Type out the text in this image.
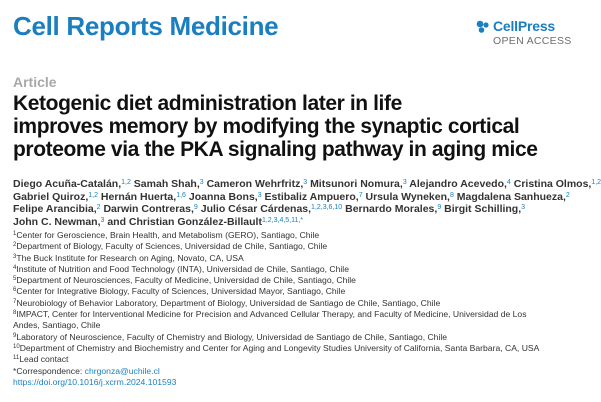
Cell Reports Medicine	CellPress
OPEN ACCESS
Article
Ketogenic diet administration later in life
improves memory by modifying the synaptic cortical
proteome via the PKA signaling pathway in aging mice
Diego Acuña-Catalán,$^{1,2}$ Samah Shah,$^3$ Cameron Wehrfritz,$^3$ Mitsunori Nomura,$^3$ Alejandro Acevedo,$^4$ Cristina Olmos,$^{1,2}$
Gabriel Quiroz,$^{1,2}$ Hernán Huerta,$^{1,6}$ Joanna Bons,$^3$ Estibaliz Ampuero,$^7$ Ursula Wyneken,$^8$ Magdalena Sanhueza,$^2$
Felipe Arancibia,$^2$ Darwin Contreras,$^9$ Julio César Cárdenas,$^{1,2,3,6,10}$ Bernardo Morales,$^9$ Birgit Schilling,$^3$
John C. Newman,$^3$ and Christian González-Billault$^{1,2,3,4,5,11,*}$
$^1$Center for Geroscience, Brain Health, and Metabolism (GERO), Santiago, Chile
$^2$Department of Biology, Faculty of Sciences, Universidad de Chile, Santiago, Chile
$^3$The Buck Institute for Research on Aging, Novato, CA, USA
$^4$Institute of Nutrition and Food Technology (INTA), Universidad de Chile, Santiago, Chile
$^5$Department of Neurosciences, Faculty of Medicine, Universidad de Chile, Santiago, Chile
$^6$Center for Integrative Biology, Faculty of Sciences, Universidad Mayor, Santiago, Chile
$^7$Neurobiology of Behavior Laboratory, Department of Biology, Universidad de Santiago de Chile, Santiago, Chile
$^8$IMPACT, Center for Interventional Medicine for Precision and Advanced Cellular Therapy, and Faculty of Medicine, Universidad de Los
Andes, Santiago, Chile
$^9$Laboratory of Neuroscience, Faculty of Chemistry and Biology, Universidad de Santiago de Chile, Santiago, Chile
$^{10}$Department of Chemistry and Biochemistry and Center for Aging and Longevity Studies University of California, Santa Barbara, CA, USA
$^{11}$Lead contact
*Correspondence: chrgonza@uchile.cl
https://doi.org/10.1016/j.xcrm.2024.101593
